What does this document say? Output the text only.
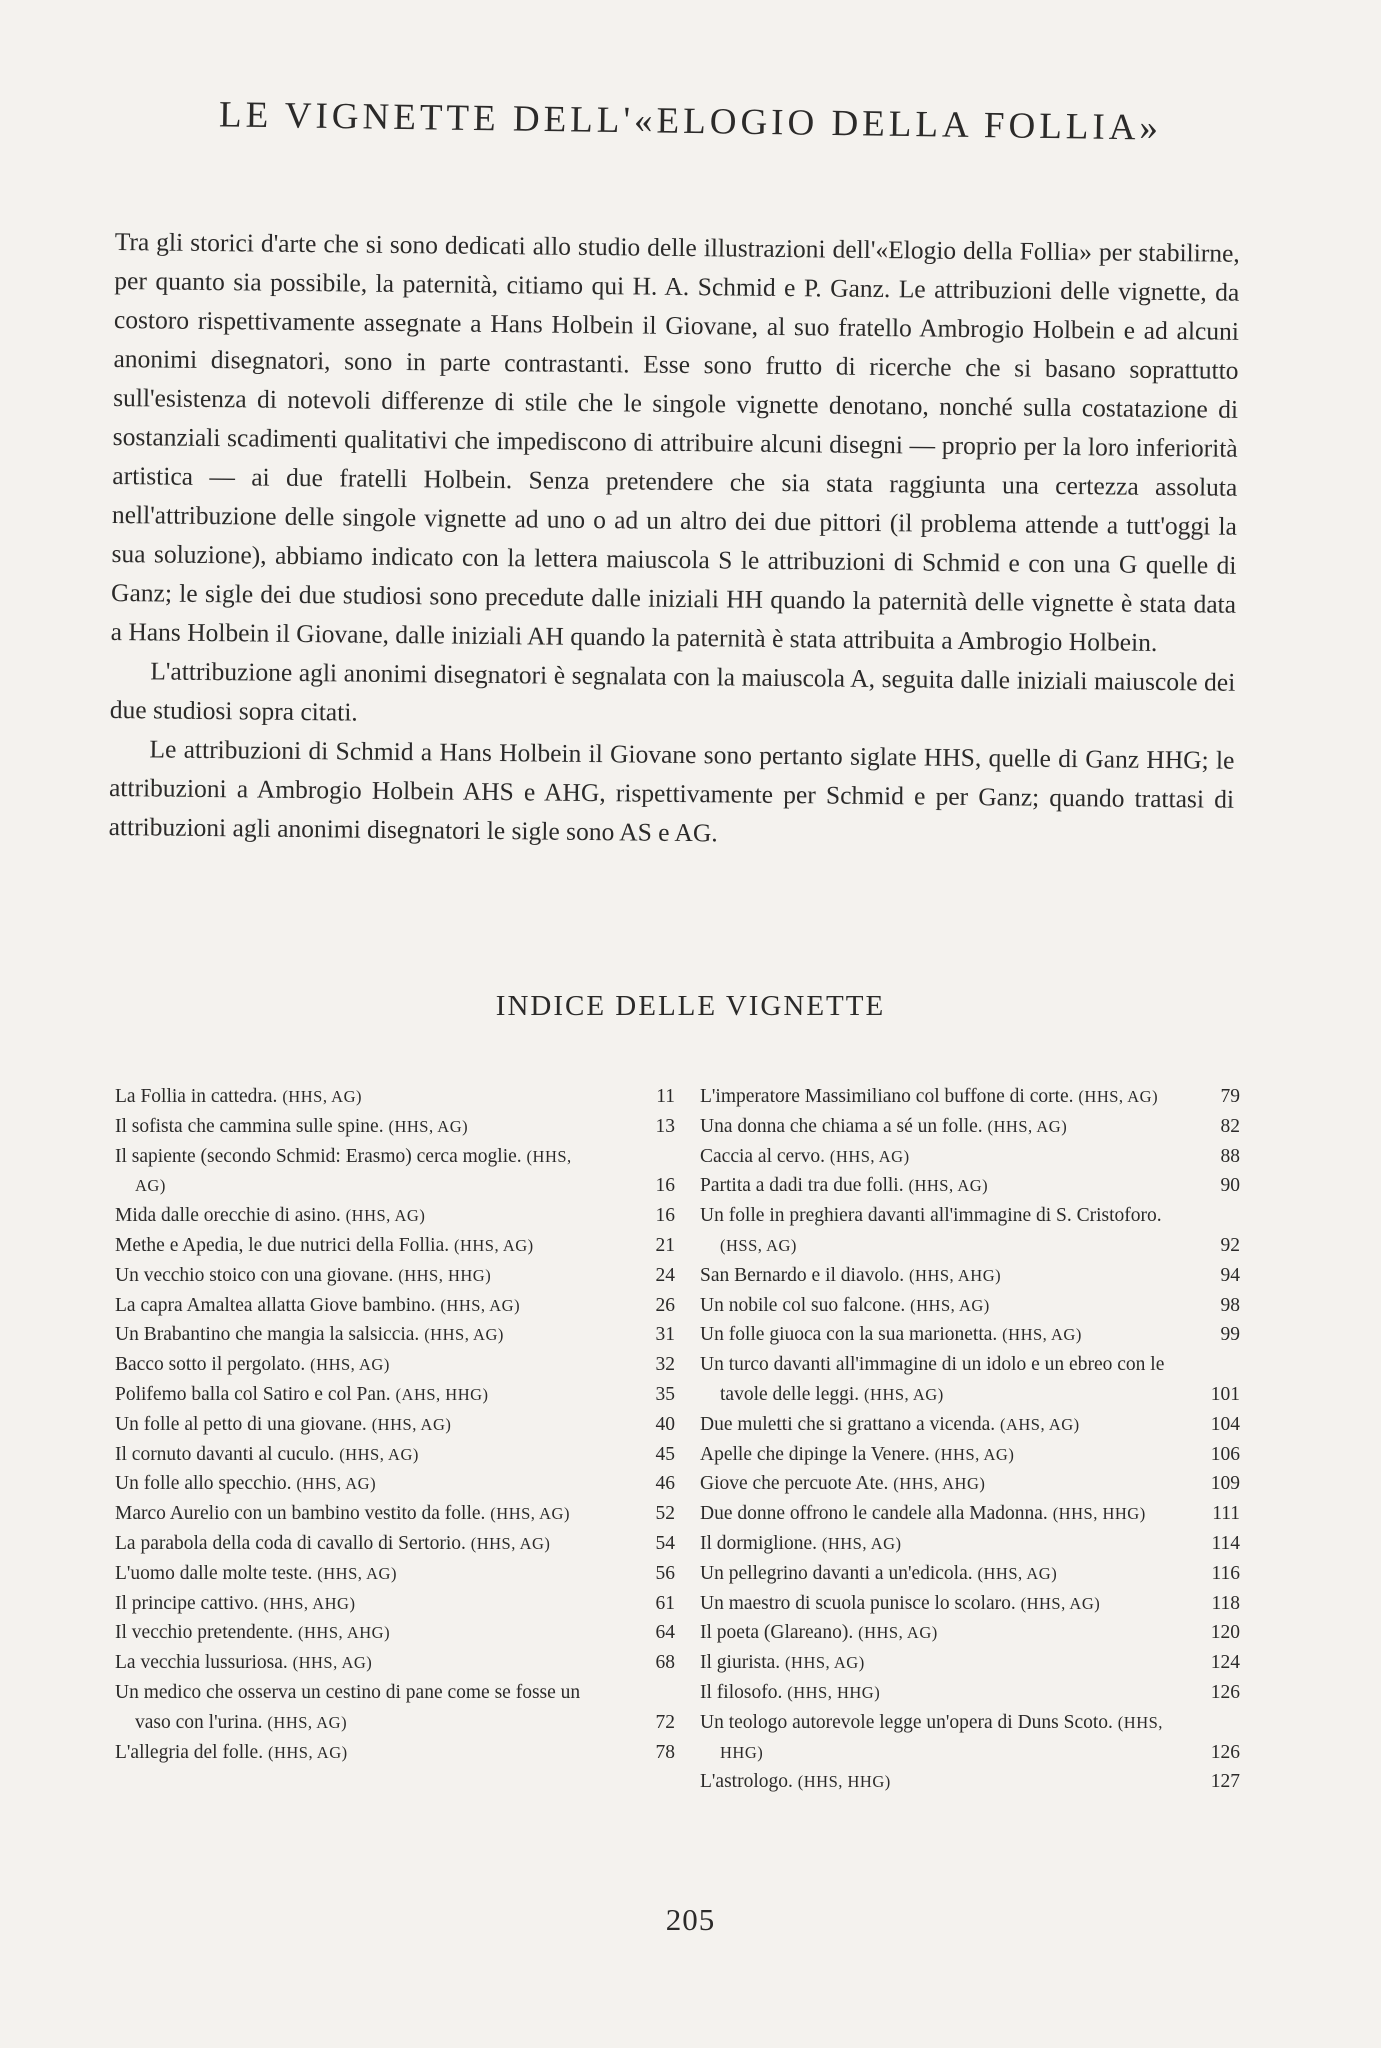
LE VIGNETTE DELL'«ELOGIO DELLA FOLLIA»

Tra gli storici d'arte che si sono dedicati allo studio delle illustrazioni dell'«Elogio della Follia» per stabilirne, per quanto sia possibile, la paternità, citiamo qui H. A. Schmid e P. Ganz. Le attribuzioni delle vignette, da costoro rispettivamente assegnate a Hans Holbein il Giovane, al suo fratello Ambrogio Holbein e ad alcuni anonimi disegnatori, sono in parte contrastanti. Esse sono frutto di ricerche che si basano soprattutto sull'esistenza di notevoli differenze di stile che le singole vignette denotano, nonché sulla costatazione di sostanziali scadimenti qualitativi che impediscono di attribuire alcuni disegni — proprio per la loro inferiorità artistica — ai due fratelli Holbein. Senza pretendere che sia stata raggiunta una certezza assoluta nell'attribuzione delle singole vignette ad uno o ad un altro dei due pittori (il problema attende a tutt'oggi la sua soluzione), abbiamo indicato con la lettera maiuscola S le attribuzioni di Schmid e con una G quelle di Ganz; le sigle dei due studiosi sono precedute dalle iniziali HH quando la paternità delle vignette è stata data a Hans Holbein il Giovane, dalle iniziali AH quando la paternità è stata attribuita a Ambrogio Holbein.

L'attribuzione agli anonimi disegnatori è segnalata con la maiuscola A, seguita dalle iniziali maiuscole dei due studiosi sopra citati.

Le attribuzioni di Schmid a Hans Holbein il Giovane sono pertanto siglate HHS, quelle di Ganz HHG; le attribuzioni a Ambrogio Holbein AHS e AHG, rispettivamente per Schmid e per Ganz; quando trattasi di attribuzioni agli anonimi disegnatori le sigle sono AS e AG.

INDICE DELLE VIGNETTE
La Follia in cattedra. (HHS, AG)	11
Il sofista che cammina sulle spine. (HHS, AG)	13
Il sapiente (secondo Schmid: Erasmo) cerca moglie. (HHS, AG)	16
Mida dalle orecchie di asino. (HHS, AG)	16
Methe e Apedia, le due nutrici della Follia. (HHS, AG)	21
Un vecchio stoico con una giovane. (HHS, HHG)	24
La capra Amaltea allatta Giove bambino. (HHS, AG)	26
Un Brabantino che mangia la salsiccia. (HHS, AG)	31
Bacco sotto il pergolato. (HHS, AG)	32
Polifemo balla col Satiro e col Pan. (AHS, HHG)	35
Un folle al petto di una giovane. (HHS, AG)	40
Il cornuto davanti al cuculo. (HHS, AG)	45
Un folle allo specchio. (HHS, AG)	46
Marco Aurelio con un bambino vestito da folle. (HHS, AG)	52
La parabola della coda di cavallo di Sertorio. (HHS, AG)	54
L'uomo dalle molte teste. (HHS, AG)	56
Il principe cattivo. (HHS, AHG)	61
Il vecchio pretendente. (HHS, AHG)	64
La vecchia lussuriosa. (HHS, AG)	68
Un medico che osserva un cestino di pane come se fosse un vaso con l'urina. (HHS, AG)	72
L'allegria del folle. (HHS, AG)	78
L'imperatore Massimiliano col buffone di corte. (HHS, AG)	79
Una donna che chiama a sé un folle. (HHS, AG)	82
Caccia al cervo. (HHS, AG)	88
Partita a dadi tra due folli. (HHS, AG)	90
Un folle in preghiera davanti all'immagine di S. Cristoforo. (HSS, AG)	92
San Bernardo e il diavolo. (HHS, AHG)	94
Un nobile col suo falcone. (HHS, AG)	98
Un folle giuoca con la sua marionetta. (HHS, AG)	99
Un turco davanti all'immagine di un idolo e un ebreo con le tavole delle leggi. (HHS, AG)	101
Due muletti che si grattano a vicenda. (AHS, AG)	104
Apelle che dipinge la Venere. (HHS, AG)	106
Giove che percuote Ate. (HHS, AHG)	109
Due donne offrono le candele alla Madonna. (HHS, HHG)	111
Il dormiglione. (HHS, AG)	114
Un pellegrino davanti a un'edicola. (HHS, AG)	116
Un maestro di scuola punisce lo scolaro. (HHS, AG)	118
Il poeta (Glareano). (HHS, AG)	120
Il giurista. (HHS, AG)	124
Il filosofo. (HHS, HHG)	126
Un teologo autorevole legge un'opera di Duns Scoto. (HHS, HHG)	126
L'astrologo. (HHS, HHG)	127
205
